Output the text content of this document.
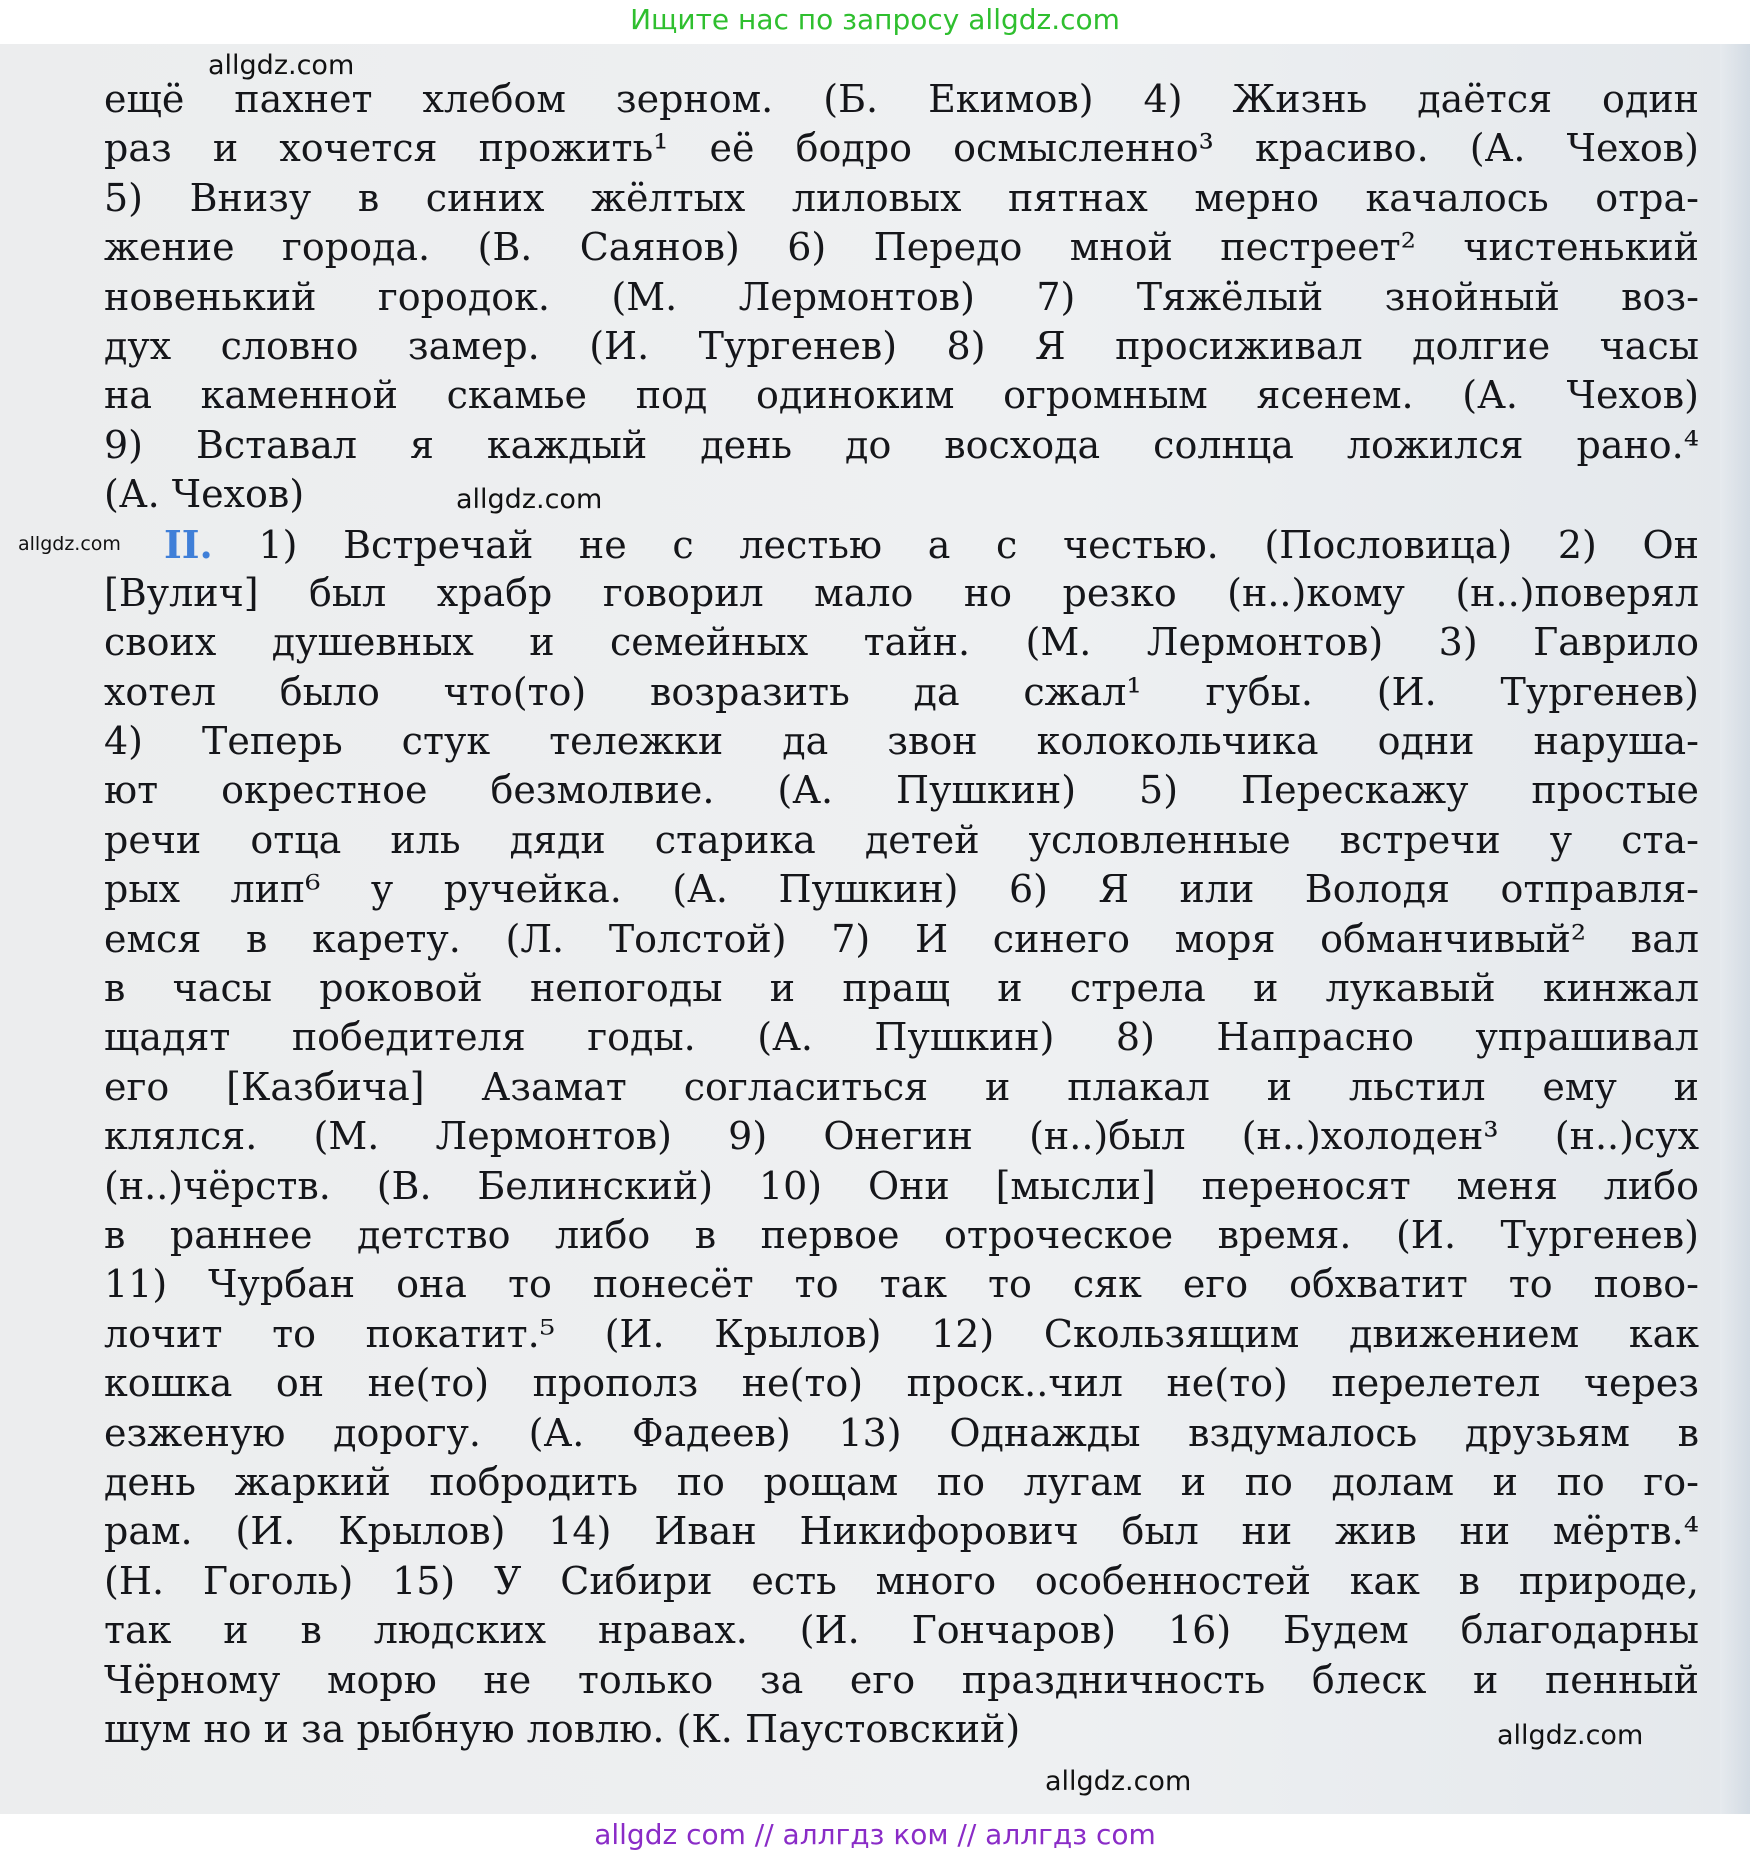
Ищите нас по запросу allgdz.com
allgdz.com
allgdz.com
allgdz.com
allgdz.com
allgdz.com
ещё пахнет хлебом зерном. (Б. Екимов) 4) Жизнь даётся один
раз и хочется прожить¹ её бодро осмысленно³ красиво. (А. Чехов)
5) Внизу в синих жёлтых лиловых пятнах мерно качалось отра-
жение города. (В. Саянов) 6) Передо мной пестреет² чистенький
новенький городок. (М. Лермонтов) 7) Тяжёлый знойный воз-
дух словно замер. (И. Тургенев) 8) Я просиживал долгие часы
на каменной скамье под одиноким огромным ясенем. (А. Чехов)
9) Вставал я каждый день до восхода солнца ложился рано.⁴
(А. Чехов)
II. 1) Встречай не с лестью а с честью. (Пословица) 2) Он
[Вулич] был храбр говорил мало но резко (н..)кому (н..)поверял
своих душевных и семейных тайн. (М. Лермонтов) 3) Гаврило
хотел было что(то) возразить да сжал¹ губы. (И. Тургенев)
4) Теперь стук тележки да звон колокольчика одни наруша-
ют окрестное безмолвие. (А. Пушкин) 5) Перескажу простые
речи отца иль дяди старика детей условленные встречи у ста-
рых лип⁶ у ручейка. (А. Пушкин) 6) Я или Володя отправля-
емся в карету. (Л. Толстой) 7) И синего моря обманчивый² вал
в часы роковой непогоды и пращ и стрела и лукавый кинжал
щадят победителя годы. (А. Пушкин) 8) Напрасно упрашивал
его [Казбича] Азамат согласиться и плакал и льстил ему и
клялся. (М. Лермонтов) 9) Онегин (н..)был (н..)холоден³ (н..)сух
(н..)чёрств. (В. Белинский) 10) Они [мысли] переносят меня либо
в раннее детство либо в первое отроческое время. (И. Тургенев)
11) Чурбан она то понесёт то так то сяк его обхватит то пово-
лочит то покатит.⁵ (И. Крылов) 12) Скользящим движением как
кошка он не(то) прополз не(то) проск..чил не(то) перелетел через
езженую дорогу. (А. Фадеев) 13) Однажды вздумалось друзьям в
день жаркий побродить по рощам по лугам и по долам и по го-
рам. (И. Крылов) 14) Иван Никифорович был ни жив ни мёртв.⁴
(Н. Гоголь) 15) У Сибири есть много особенностей как в природе,
так и в людских нравах. (И. Гончаров) 16) Будем благодарны
Чёрному морю не только за его праздничность блеск и пенный
шум но и за рыбную ловлю. (К. Паустовский)
allgdz com // аллгдз ком // аллгдз com
